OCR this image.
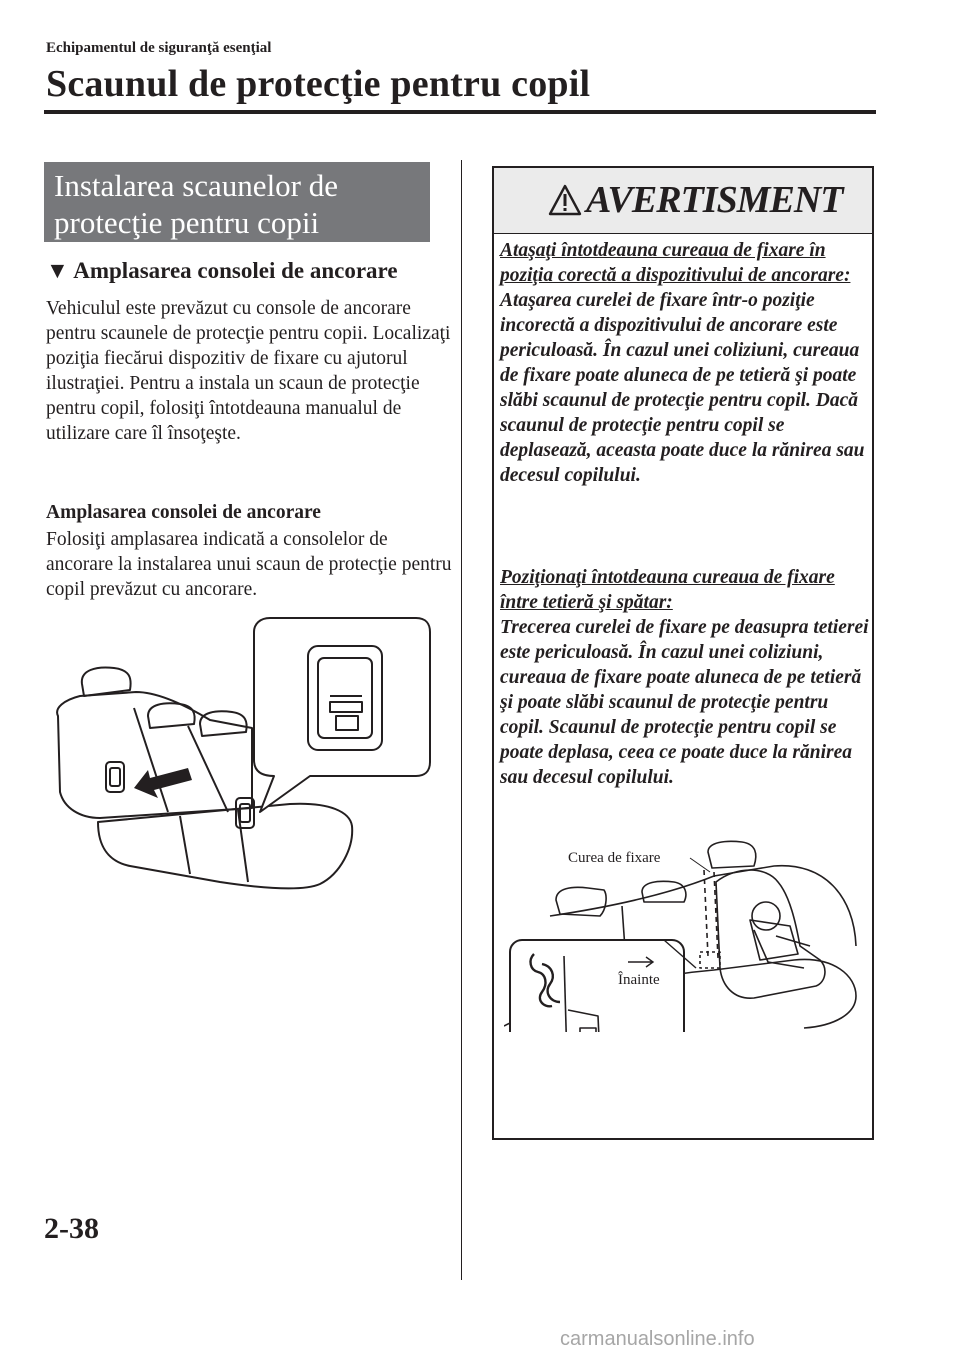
Echipamentul de siguranţă esenţial
Scaunul de protecţie pentru copil
Instalarea scaunelor de protecţie pentru copii
▼ Amplasarea consolei de ancorare
Vehiculul este prevăzut cu console de ancorare pentru scaunele de protecţie pentru copii. Localizaţi poziţia fiecărui dispozitiv de fixare cu ajutorul ilustraţiei. Pentru a instala un scaun de protecţie pentru copil, folosiţi întotdeauna manualul de utilizare care îl însoţeşte.
Amplasarea consolei de ancorare
Folosiţi amplasarea indicată a consolelor de ancorare la instalarea unui scaun de protecţie pentru copil prevăzut cu ancorare.
AVERTISMENT
Ataşaţi întotdeauna cureaua de fixare în poziţia corectă a dispozitivului de ancorare:
Ataşarea curelei de fixare într-o poziţie incorectă a dispozitivului de ancorare este periculoasă. În cazul unei coliziuni, cureaua de fixare poate aluneca de pe tetieră şi poate slăbi scaunul de protecţie pentru copil. Dacă scaunul de protecţie pentru copil se deplasează, aceasta poate duce la rănirea sau decesul copilului.
Poziţionaţi întotdeauna cureaua de fixare între tetieră şi spătar:
Trecerea curelei de fixare pe deasupra tetierei este periculoasă. În cazul unei coliziuni, cureaua de fixare poate aluneca de pe tetieră şi poate slăbi scaunul de protecţie pentru copil. Scaunul de protecţie pentru copil se poate deplasa, ceea ce poate duce la rănirea sau decesul copilului.
Curea de fixare
Înainte
2-38
carmanualsonline.info
